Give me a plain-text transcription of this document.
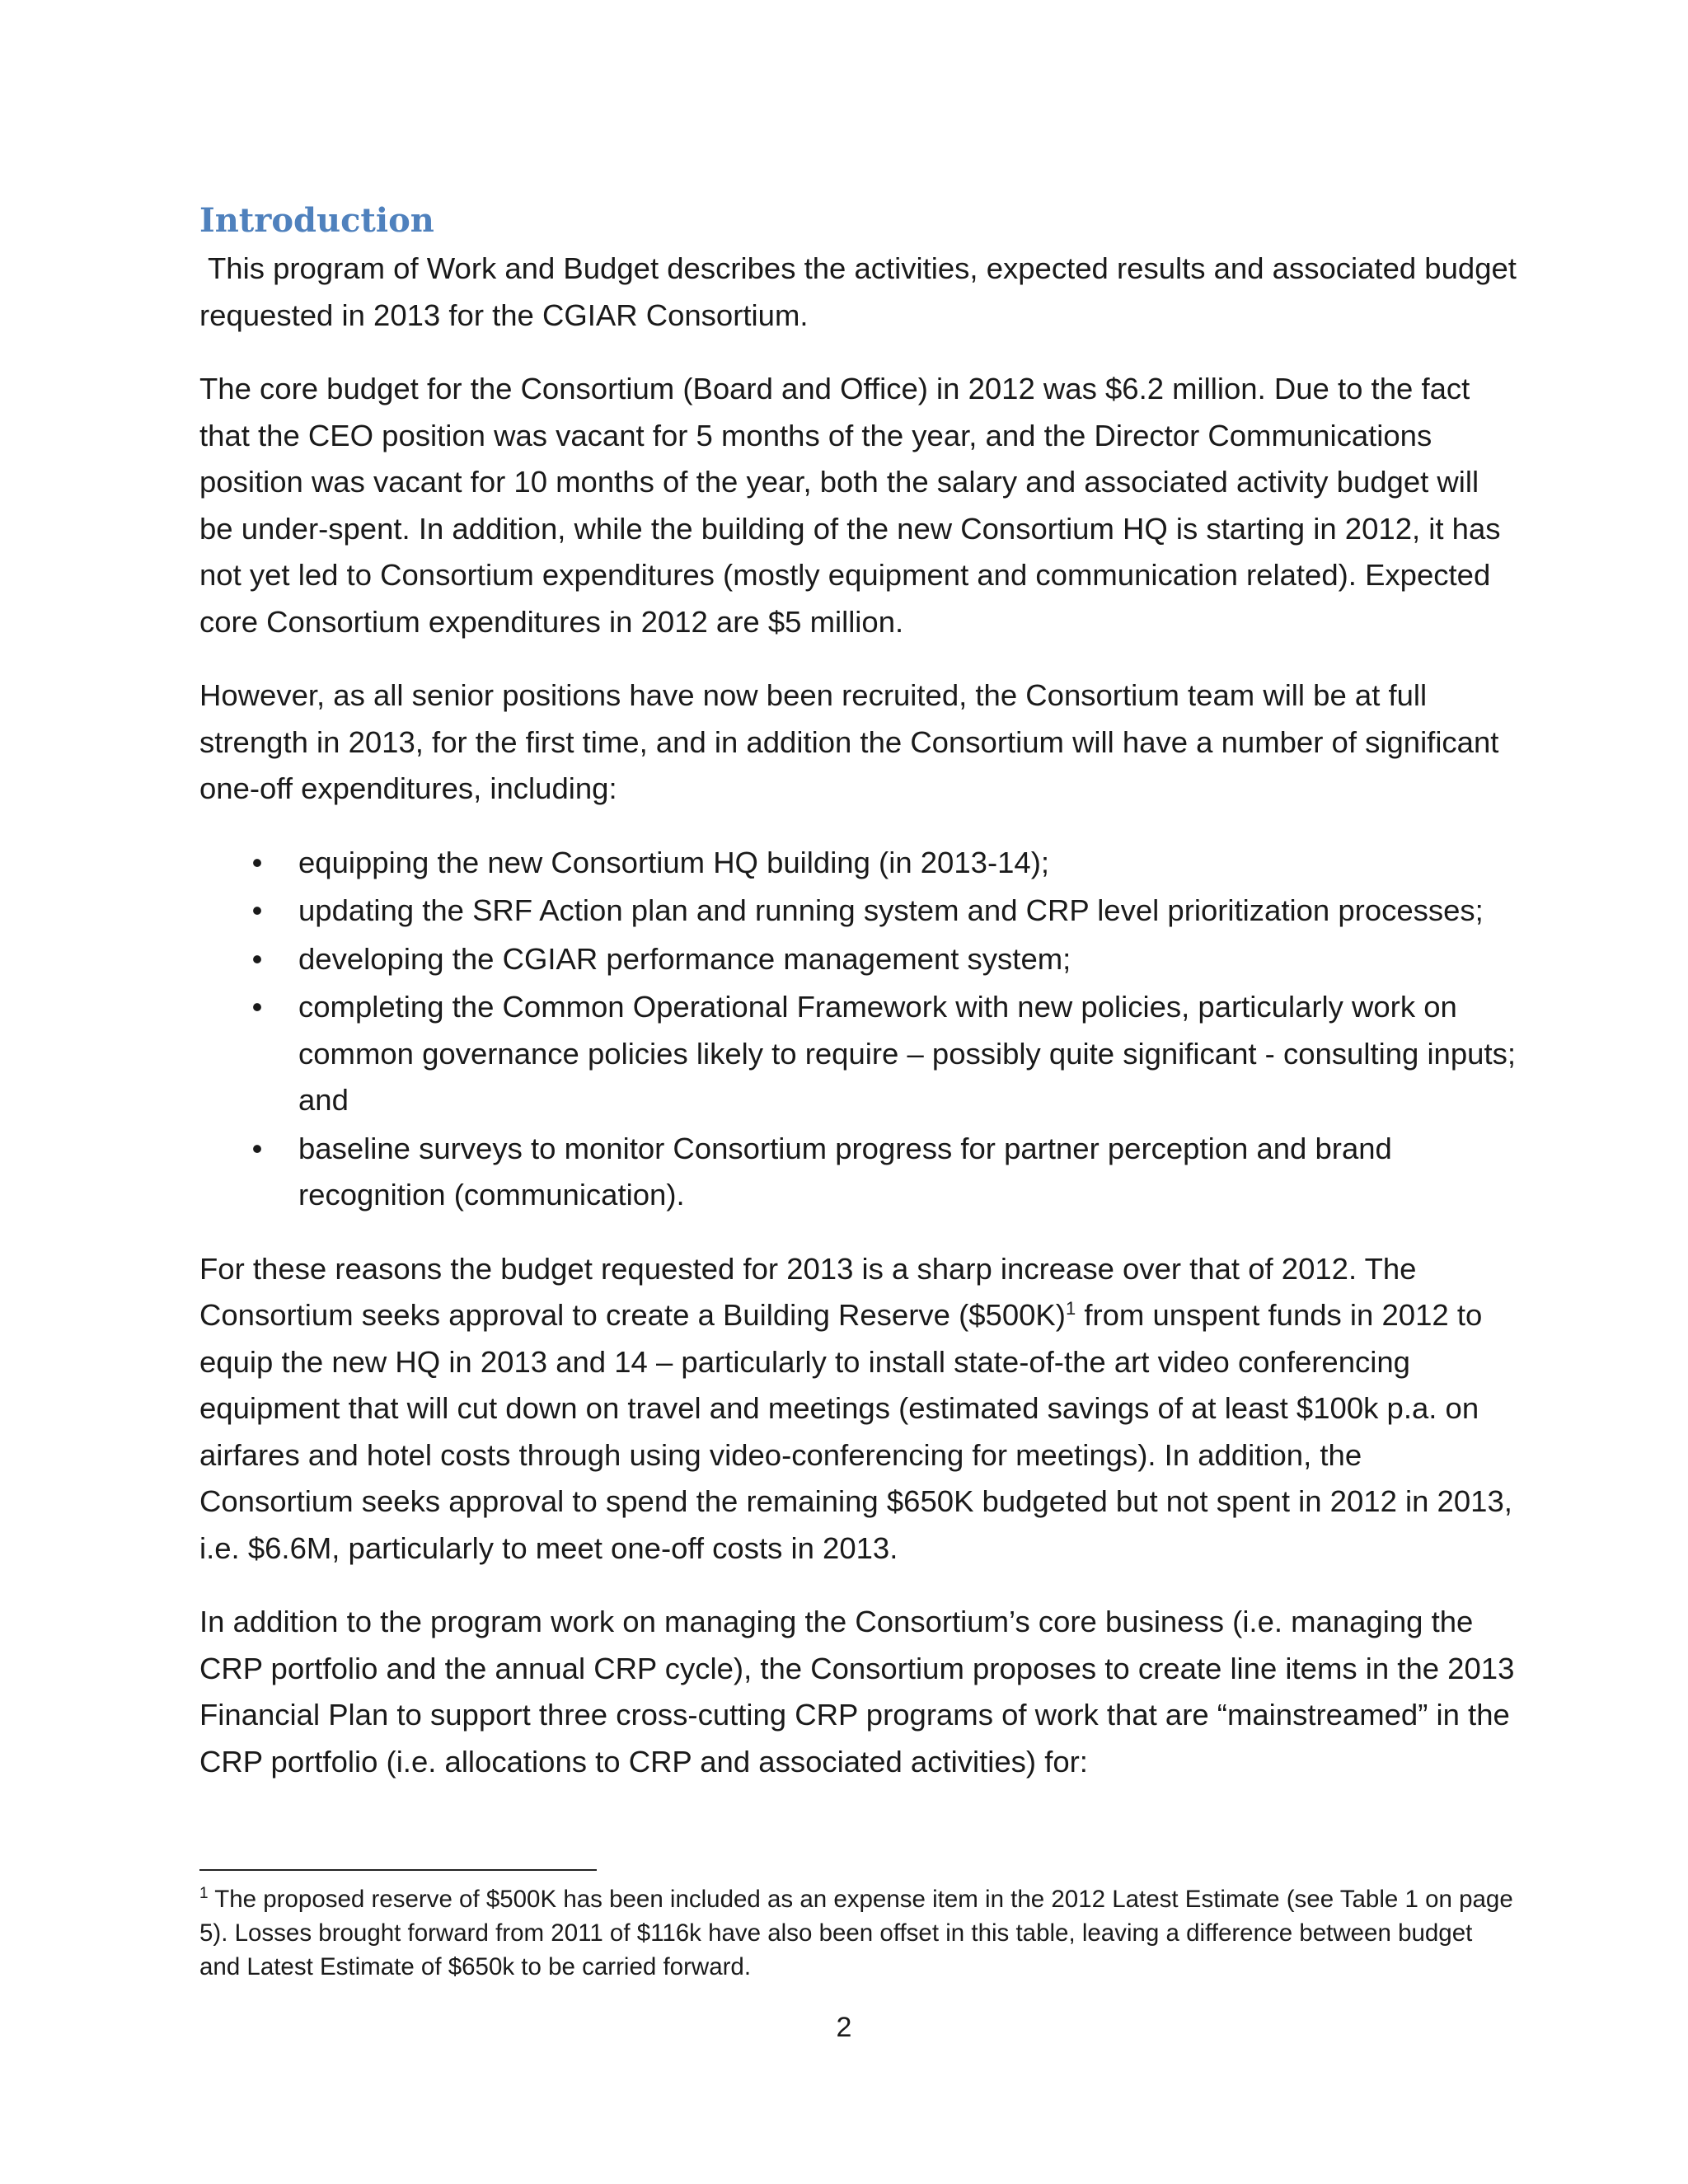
Introduction

This program of Work and Budget describes the activities, expected results and associated budget requested in 2013 for the CGIAR Consortium.

The core budget for the Consortium (Board and Office) in 2012 was $6.2 million. Due to the fact that the CEO position was vacant for 5 months of the year, and the Director Communications position was vacant for 10 months of the year, both the salary and associated activity budget will be under-spent. In addition, while the building of the new Consortium HQ is starting in 2012, it has not yet led to Consortium expenditures (mostly equipment and communication related). Expected core Consortium expenditures in 2012 are $5 million.

However, as all senior positions have now been recruited, the Consortium team will be at full strength in 2013, for the first time, and in addition the Consortium will have a number of significant one-off expenditures, including:

• equipping the new Consortium HQ building (in 2013-14);
• updating the SRF Action plan and running system and CRP level prioritization processes;
• developing the CGIAR performance management system;
• completing the Common Operational Framework with new policies, particularly work on common governance policies likely to require – possibly quite significant - consulting inputs; and
• baseline surveys to monitor Consortium progress for partner perception and brand recognition (communication).

For these reasons the budget requested for 2013 is a sharp increase over that of 2012. The Consortium seeks approval to create a Building Reserve ($500K)$^1$ from unspent funds in 2012 to equip the new HQ in 2013 and 14 – particularly to install state-of-the art video conferencing equipment that will cut down on travel and meetings (estimated savings of at least $100k p.a. on airfares and hotel costs through using video-conferencing for meetings). In addition, the Consortium seeks approval to spend the remaining $650K budgeted but not spent in 2012 in 2013, i.e. $6.6M, particularly to meet one-off costs in 2013.

In addition to the program work on managing the Consortium’s core business (i.e. managing the CRP portfolio and the annual CRP cycle), the Consortium proposes to create line items in the 2013 Financial Plan to support three cross-cutting CRP programs of work that are “mainstreamed” in the CRP portfolio (i.e. allocations to CRP and associated activities) for:

$^1$ The proposed reserve of $500K has been included as an expense item in the 2012 Latest Estimate (see Table 1 on page 5). Losses brought forward from 2011 of $116k have also been offset in this table, leaving a difference between budget and Latest Estimate of $650k to be carried forward.
2
